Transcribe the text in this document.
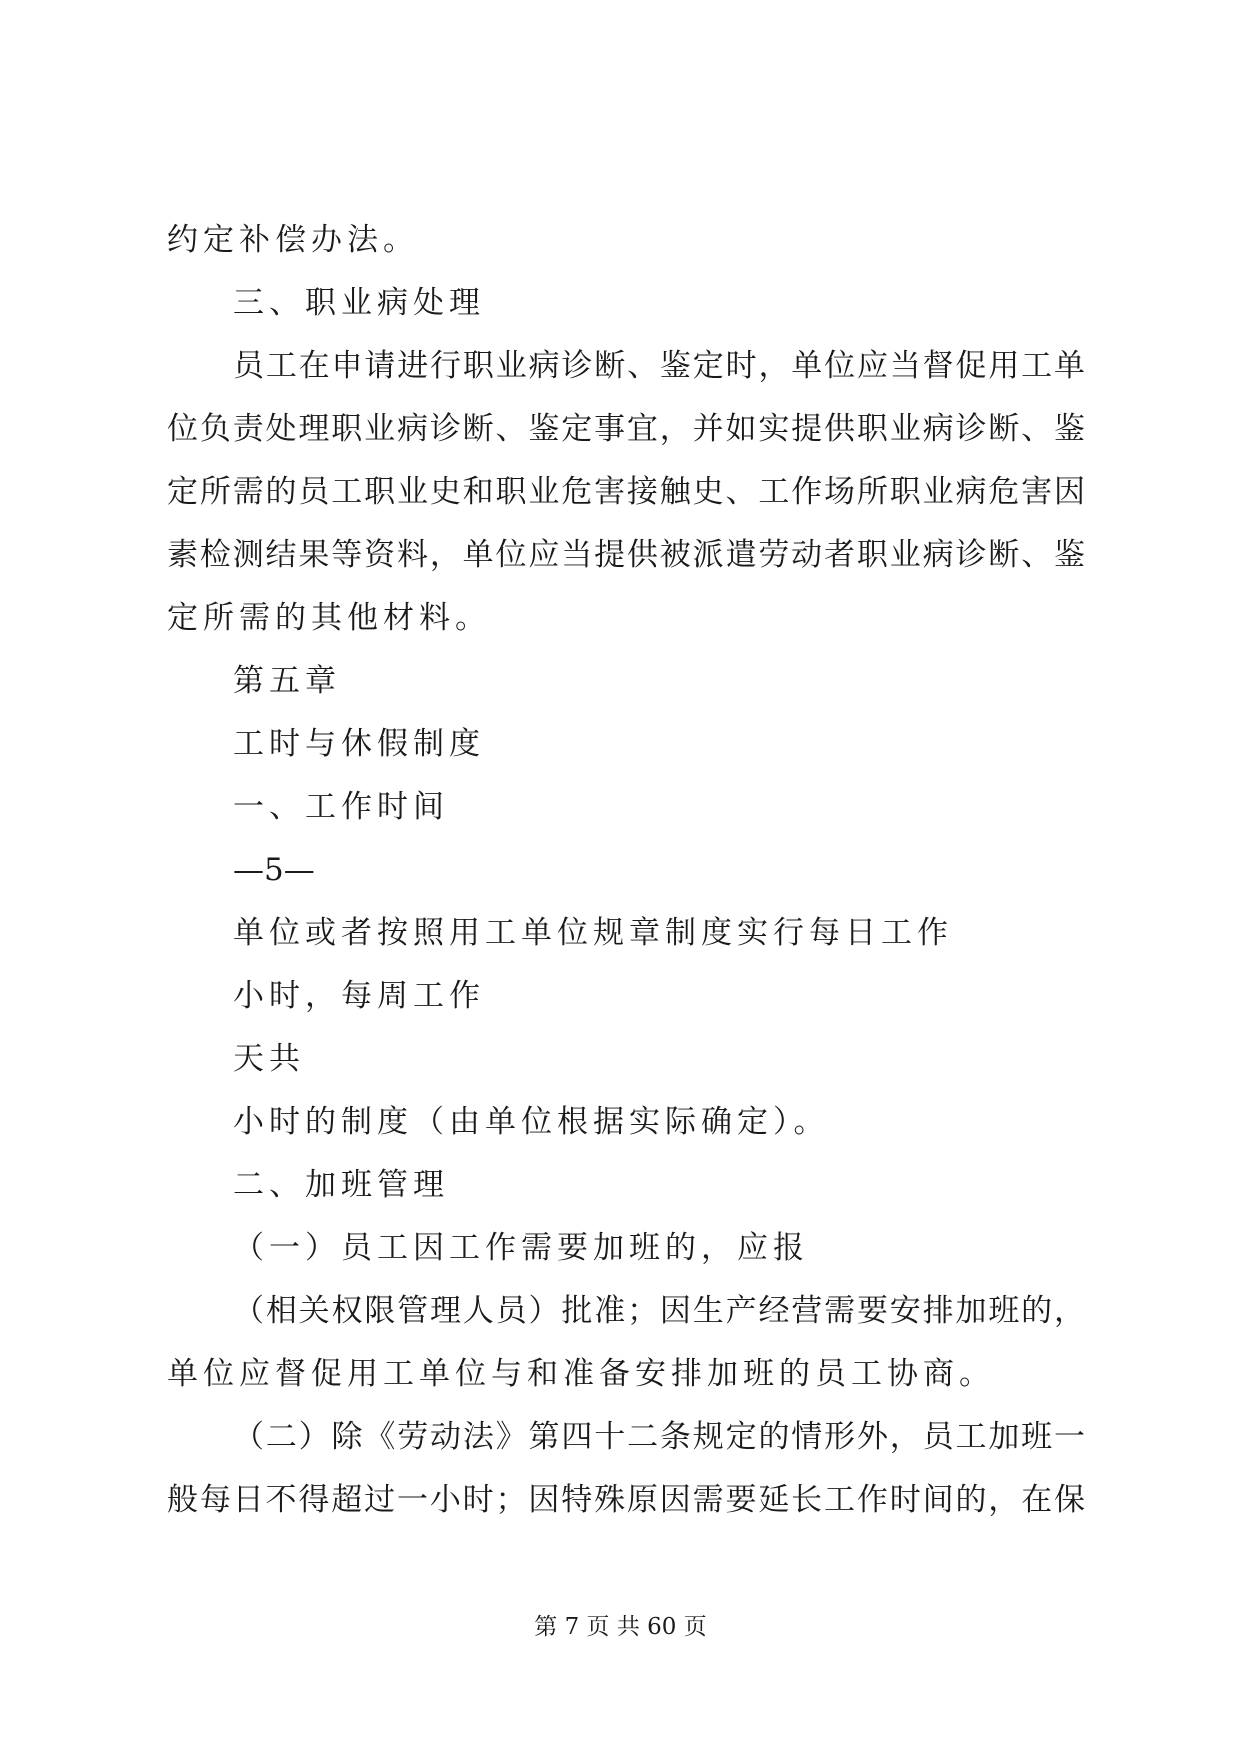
约定补偿办法。
三、职业病处理
员工在申请进行职业病诊断、鉴定时，单位应当督促用工单
位负责处理职业病诊断、鉴定事宜，并如实提供职业病诊断、鉴
定所需的员工职业史和职业危害接触史、工作场所职业病危害因
素检测结果等资料，单位应当提供被派遣劳动者职业病诊断、鉴
定所需的其他材料。
第五章
工时与休假制度
一、工作时间
—5—
单位或者按照用工单位规章制度实行每日工作
小时，每周工作
天共
小时的制度（由单位根据实际确定）。
二、加班管理
（一）员工因工作需要加班的，应报
（相关权限管理人员）批准；因生产经营需要安排加班的，
单位应督促用工单位与和准备安排加班的员工协商。
（二）除《劳动法》第四十二条规定的情形外，员工加班一
般每日不得超过一小时；因特殊原因需要延长工作时间的，在保
第 7 页 共 60 页
